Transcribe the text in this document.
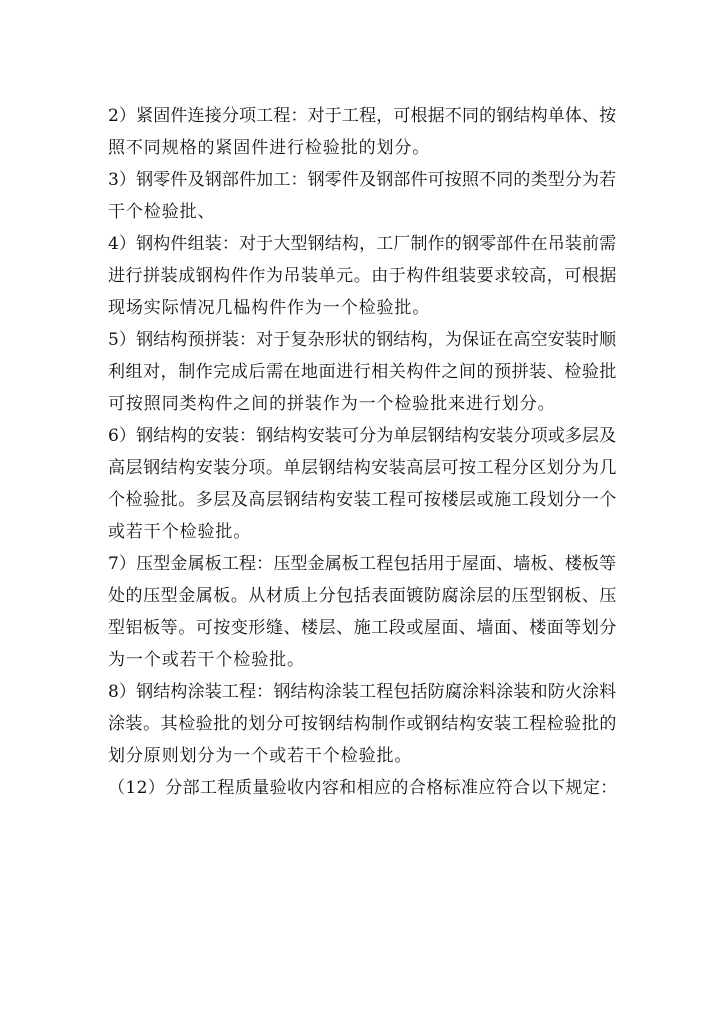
2）紧固件连接分项工程：对于工程，可根据不同的钢结构单体、按
照不同规格的紧固件进行检验批的划分。
3）钢零件及钢部件加工：钢零件及钢部件可按照不同的类型分为若
干个检验批、
4）钢构件组装：对于大型钢结构，工厂制作的钢零部件在吊装前需
进行拼装成钢构件作为吊装单元。由于构件组装要求较高，可根据
现场实际情况几榀构件作为一个检验批。
5）钢结构预拼装：对于复杂形状的钢结构，为保证在高空安装时顺
利组对，制作完成后需在地面进行相关构件之间的预拼装、检验批
可按照同类构件之间的拼装作为一个检验批来进行划分。
6）钢结构的安装：钢结构安装可分为单层钢结构安装分项或多层及
高层钢结构安装分项。单层钢结构安装高层可按工程分区划分为几
个检验批。多层及高层钢结构安装工程可按楼层或施工段划分一个
或若干个检验批。
7）压型金属板工程：压型金属板工程包括用于屋面、墙板、楼板等
处的压型金属板。从材质上分包括表面镀防腐涂层的压型钢板、压
型铝板等。可按变形缝、楼层、施工段或屋面、墙面、楼面等划分
为一个或若干个检验批。
8）钢结构涂装工程：钢结构涂装工程包括防腐涂料涂装和防火涂料
涂装。其检验批的划分可按钢结构制作或钢结构安装工程检验批的
划分原则划分为一个或若干个检验批。
（12）分部工程质量验收内容和相应的合格标准应符合以下规定：
